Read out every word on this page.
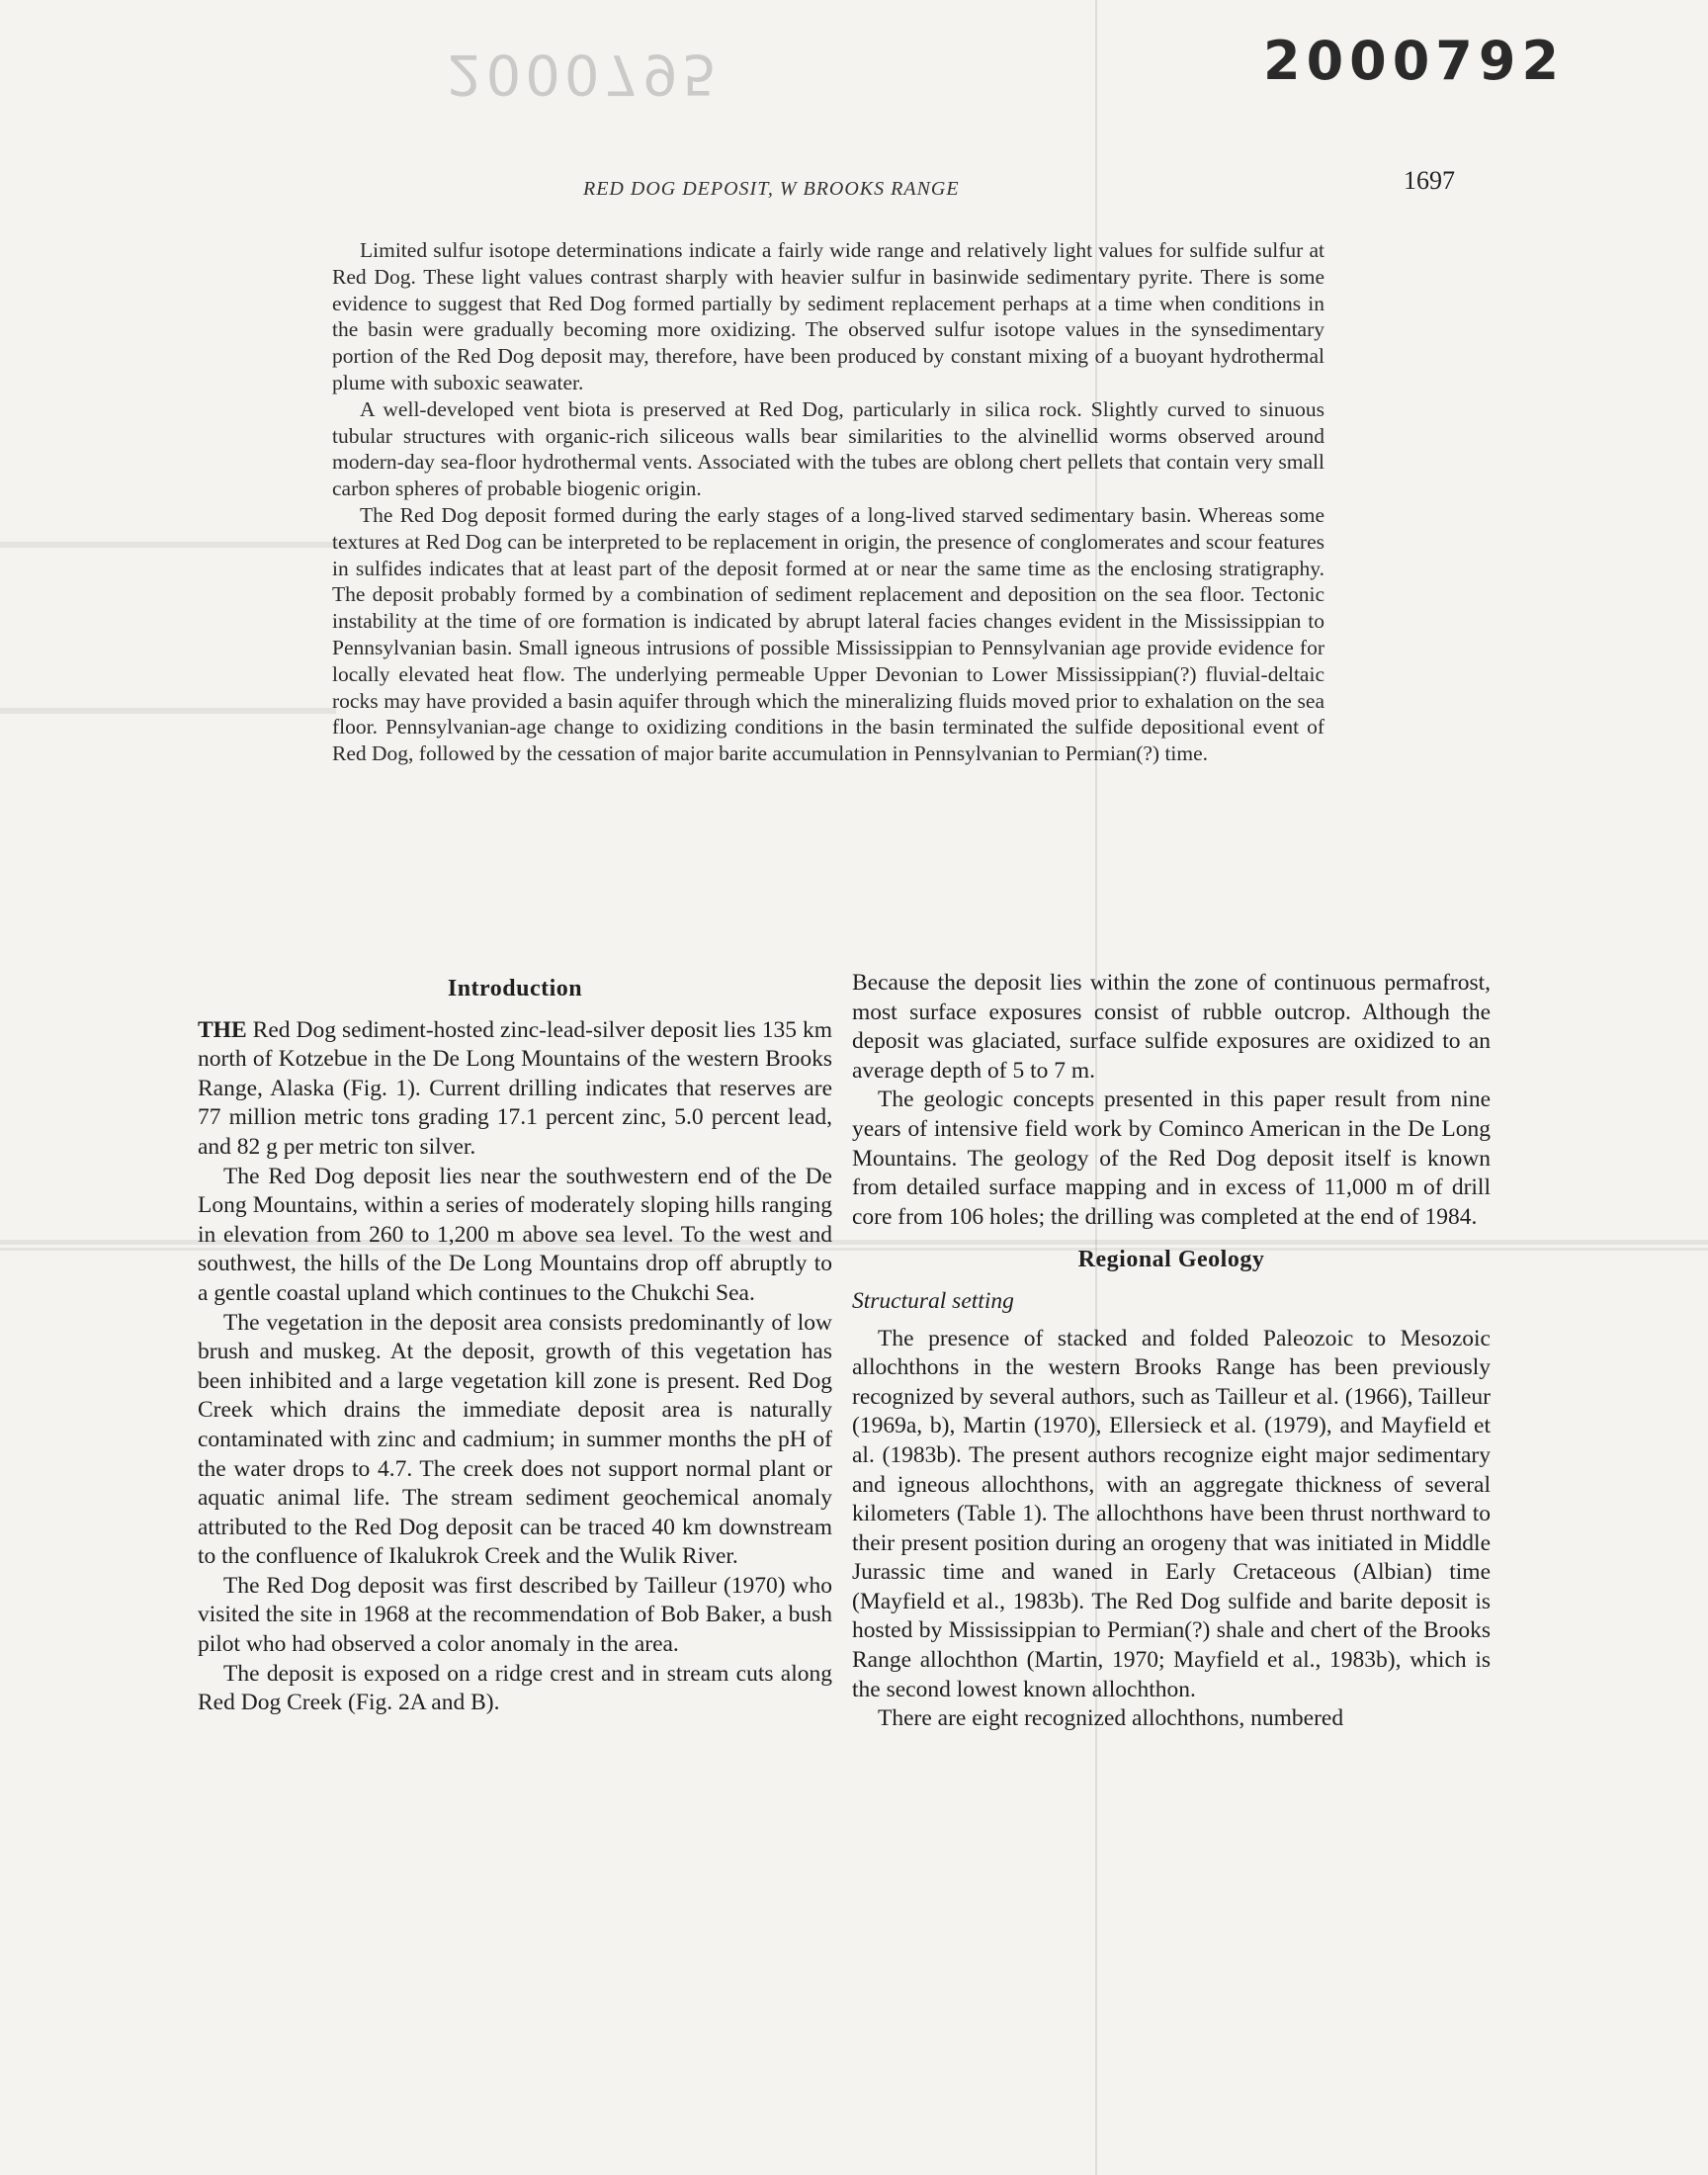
2000795	2000792
RED DOG DEPOSIT, W BROOKS RANGE	1697

Limited sulfur isotope determinations indicate a fairly wide range and relatively light values for sulfide sulfur at Red Dog. These light values contrast sharply with heavier sulfur in basinwide sedimentary pyrite. There is some evidence to suggest that Red Dog formed partially by sediment replacement perhaps at a time when conditions in the basin were gradually becoming more oxidizing. The observed sulfur isotope values in the synsedimentary portion of the Red Dog deposit may, therefore, have been produced by constant mixing of a buoyant hydrothermal plume with suboxic seawater.

A well-developed vent biota is preserved at Red Dog, particularly in silica rock. Slightly curved to sinuous tubular structures with organic-rich siliceous walls bear similarities to the alvinellid worms observed around modern-day sea-floor hydrothermal vents. Associated with the tubes are oblong chert pellets that contain very small carbon spheres of probable biogenic origin.

The Red Dog deposit formed during the early stages of a long-lived starved sedimentary basin. Whereas some textures at Red Dog can be interpreted to be replacement in origin, the presence of conglomerates and scour features in sulfides indicates that at least part of the deposit formed at or near the same time as the enclosing stratigraphy. The deposit probably formed by a combination of sediment replacement and deposition on the sea floor. Tectonic instability at the time of ore formation is indicated by abrupt lateral facies changes evident in the Mississippian to Pennsylvanian basin. Small igneous intrusions of possible Mississippian to Pennsylvanian age provide evidence for locally elevated heat flow. The underlying permeable Upper Devonian to Lower Mississippian(?) fluvial-deltaic rocks may have provided a basin aquifer through which the mineralizing fluids moved prior to exhalation on the sea floor. Pennsylvanian-age change to oxidizing conditions in the basin terminated the sulfide depositional event of Red Dog, followed by the cessation of major barite accumulation in Pennsylvanian to Permian(?) time.

Introduction

THE Red Dog sediment-hosted zinc-lead-silver deposit lies 135 km north of Kotzebue in the De Long Mountains of the western Brooks Range, Alaska (Fig. 1). Current drilling indicates that reserves are 77 million metric tons grading 17.1 percent zinc, 5.0 percent lead, and 82 g per metric ton silver.

The Red Dog deposit lies near the southwestern end of the De Long Mountains, within a series of moderately sloping hills ranging in elevation from 260 to 1,200 m above sea level. To the west and southwest, the hills of the De Long Mountains drop off abruptly to a gentle coastal upland which continues to the Chukchi Sea.

The vegetation in the deposit area consists predominantly of low brush and muskeg. At the deposit, growth of this vegetation has been inhibited and a large vegetation kill zone is present. Red Dog Creek which drains the immediate deposit area is naturally contaminated with zinc and cadmium; in summer months the pH of the water drops to 4.7. The creek does not support normal plant or aquatic animal life. The stream sediment geochemical anomaly attributed to the Red Dog deposit can be traced 40 km downstream to the confluence of Ikalukrok Creek and the Wulik River.

The Red Dog deposit was first described by Tailleur (1970) who visited the site in 1968 at the recommendation of Bob Baker, a bush pilot who had observed a color anomaly in the area.

The deposit is exposed on a ridge crest and in stream cuts along Red Dog Creek (Fig. 2A and B).

Because the deposit lies within the zone of continuous permafrost, most surface exposures consist of rubble outcrop. Although the deposit was glaciated, surface sulfide exposures are oxidized to an average depth of 5 to 7 m.

The geologic concepts presented in this paper result from nine years of intensive field work by Cominco American in the De Long Mountains. The geology of the Red Dog deposit itself is known from detailed surface mapping and in excess of 11,000 m of drill core from 106 holes; the drilling was completed at the end of 1984.

Regional Geology
Structural setting

The presence of stacked and folded Paleozoic to Mesozoic allochthons in the western Brooks Range has been previously recognized by several authors, such as Tailleur et al. (1966), Tailleur (1969a, b), Martin (1970), Ellersieck et al. (1979), and Mayfield et al. (1983b). The present authors recognize eight major sedimentary and igneous allochthons, with an aggregate thickness of several kilometers (Table 1). The allochthons have been thrust northward to their present position during an orogeny that was initiated in Middle Jurassic time and waned in Early Cretaceous (Albian) time (Mayfield et al., 1983b). The Red Dog sulfide and barite deposit is hosted by Mississippian to Permian(?) shale and chert of the Brooks Range allochthon (Martin, 1970; Mayfield et al., 1983b), which is the second lowest known allochthon.

There are eight recognized allochthons, numbered
